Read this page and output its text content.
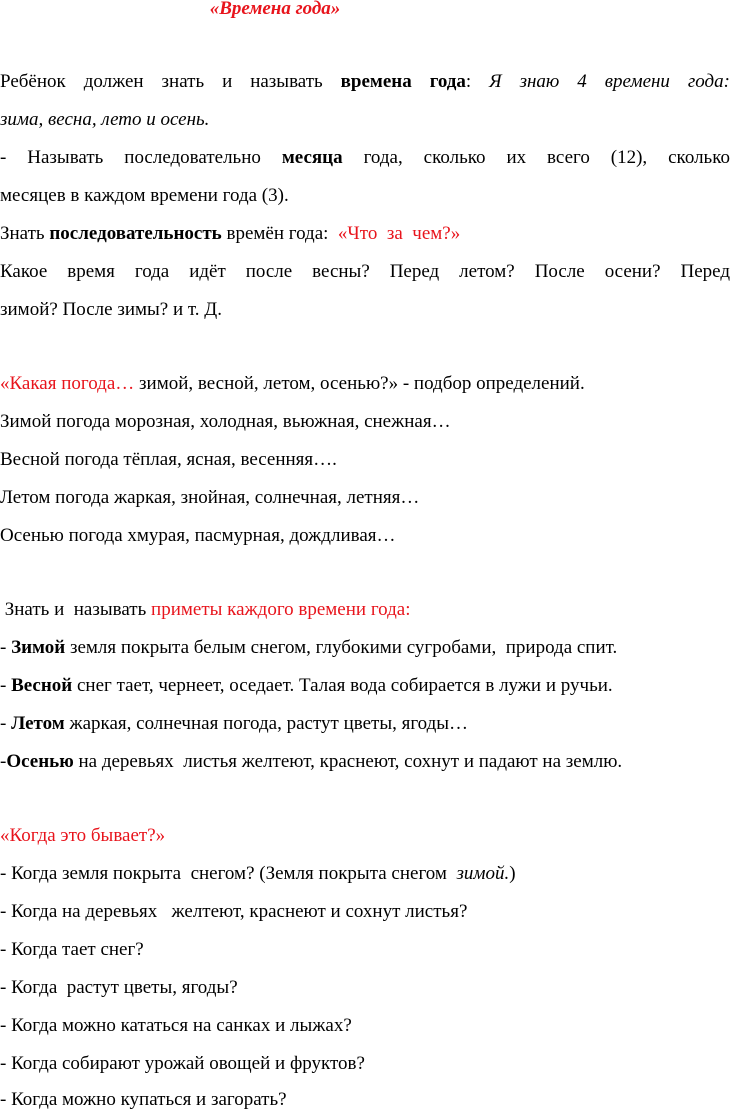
«Времена года»
Ребёнок должен знать и называть времена года: Я знаю 4 времени года:
зима, весна, лето и осень.
- Называть последовательно месяца года, сколько их всего (12), сколько
месяцев в каждом времени года (3).
Знать последовательность времён года:  «Что  за  чем?»
Какое время года идёт после весны? Перед летом? После осени? Перед
зимой? После зимы? и т. Д.
«Какая погода… зимой, весной, летом, осенью?» - подбор определений.
Зимой погода морозная, холодная, вьюжная, снежная…
Весной погода тёплая, ясная, весенняя….
Летом погода жаркая, знойная, солнечная, летняя…
Осенью погода хмурая, пасмурная, дождливая…
Знать и  называть приметы каждого времени года:
- Зимой земля покрыта белым снегом, глубокими сугробами,  природа спит.
- Весной снег тает, чернеет, оседает. Талая вода собирается в лужи и ручьи.
- Летом жаркая, солнечная погода, растут цветы, ягоды…
-Осенью на деревьях  листья желтеют, краснеют, сохнут и падают на землю.
«Когда это бывает?»
- Когда земля покрыта  снегом? (Земля покрыта снегом  зимой.)
- Когда на деревьях   желтеют, краснеют и сохнут листья?
- Когда тает снег?
- Когда  растут цветы, ягоды?
- Когда можно кататься на санках и лыжах?
- Когда собирают урожай овощей и фруктов?
- Когда можно купаться и загорать?
